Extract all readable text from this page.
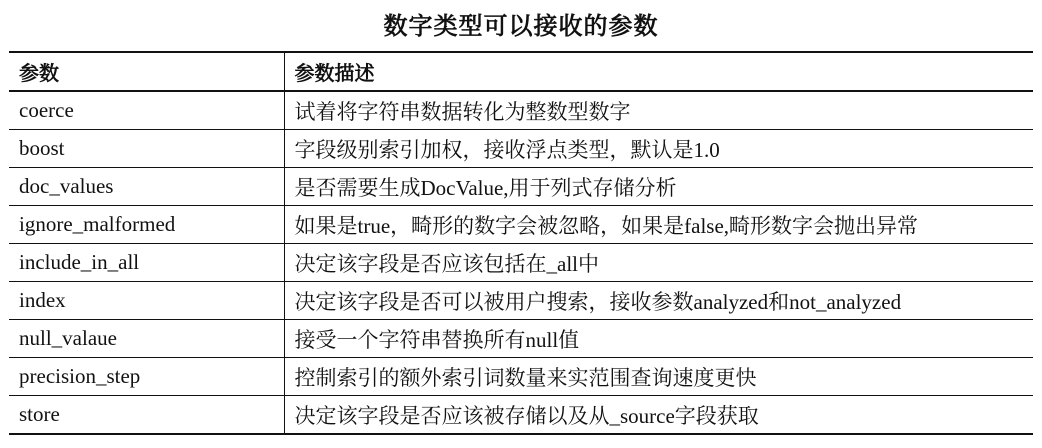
数字类型可以接收的参数
参数	参数描述
coerce	试着将字符串数据转化为整数型数字
boost	字段级别索引加权，接收浮点类型，默认是1.0
doc_values	是否需要生成DocValue,用于列式存储分析
ignore_malformed	如果是true，畸形的数字会被忽略，如果是false,畸形数字会抛出异常
include_in_all	决定该字段是否应该包括在_all中
index	决定该字段是否可以被用户搜索，接收参数analyzed和not_analyzed
null_valaue	接受一个字符串替换所有null值
precision_step	控制索引的额外索引词数量来实范围查询速度更快
store	决定该字段是否应该被存储以及从_source字段获取
